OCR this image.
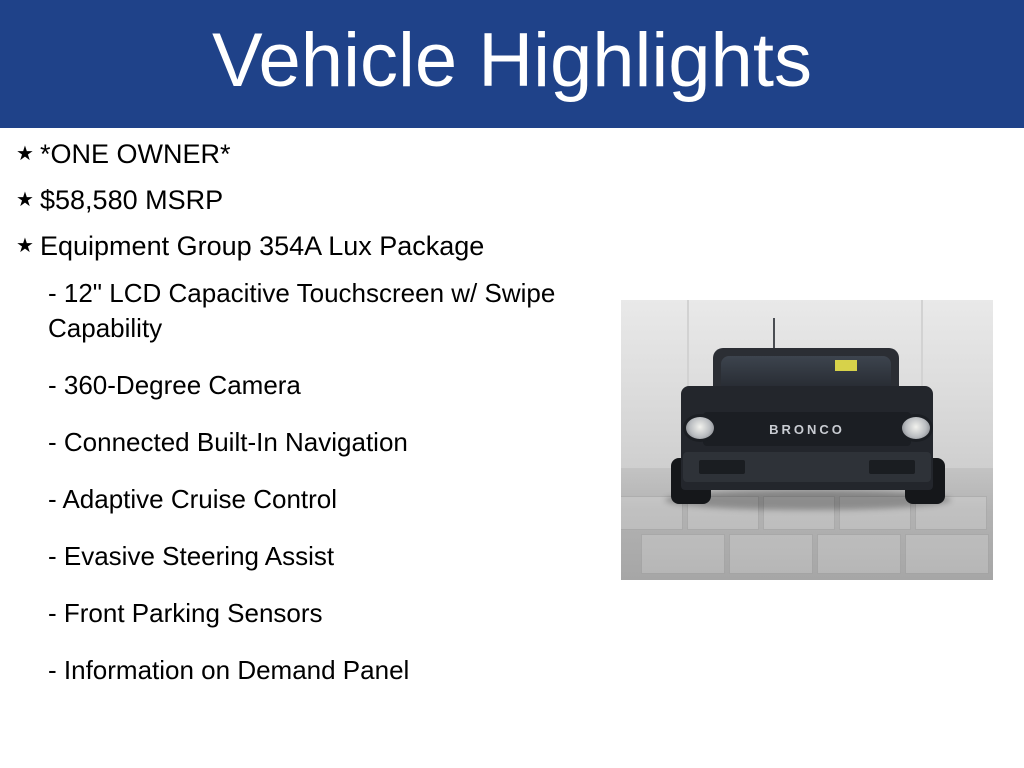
Vehicle Highlights
★ *ONE OWNER*
★ $58,580 MSRP
★ Equipment Group 354A Lux Package
- 12" LCD Capacitive Touchscreen w/ Swipe Capability
- 360-Degree Camera
- Connected Built-In Navigation
- Adaptive Cruise Control
- Evasive Steering Assist
- Front Parking Sensors
- Information on Demand Panel
BRONCO
